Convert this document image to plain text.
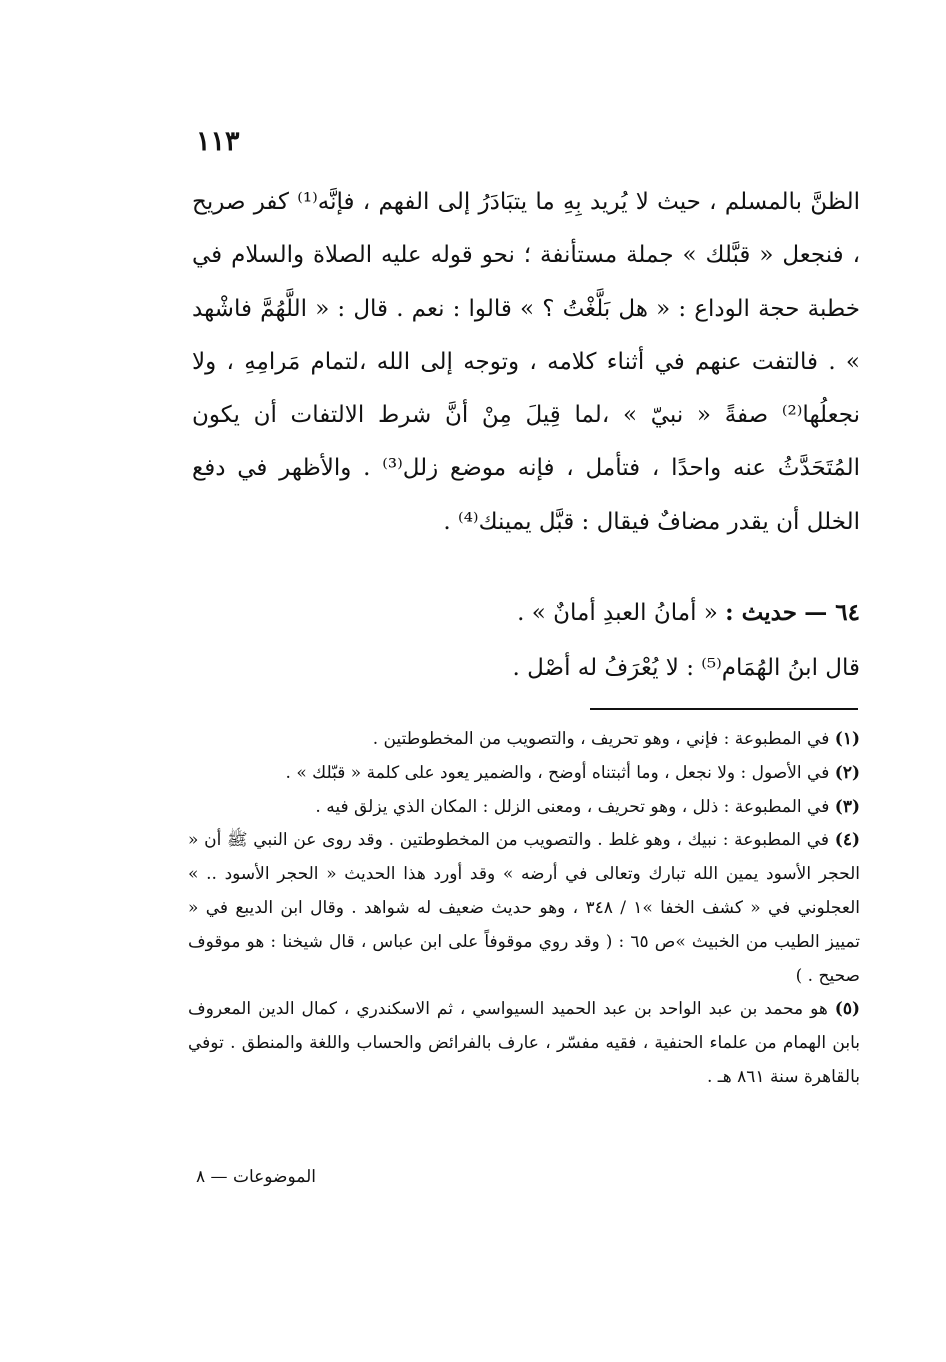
١١٣

الظنَّ بالمسلم ، حيث لا يُريد بِهِ ما يتبَادَرُ إلى الفهم ، فإنَّه⁽¹⁾ كفر صريح ، فنجعل « قبَّلك » جملة مستأنفة ؛ نحو قوله عليه الصلاة والسلام في خطبة حجة الوداع : « هل بَلَّغْتُ ؟ » قالوا : نعم . قال : « اللَّهُمَّ فاشْهد » . فالتفت عنهم في أثناء كلامه ، وتوجه إلى الله ،لتمام مَرامِهِ ، ولا نجعلُها⁽²⁾ صفةً « نبيّ » ،لما قِيلَ مِنْ أنَّ شرط الالتفات أن يكون المُتَحَدَّثُ عنه واحدًا ، فتأمل ، فإنه موضع زلل⁽³⁾ . والأظهر في دفع الخلل أن يقدر مضافٌ فيقال : قبَّل يمينك⁽⁴⁾ .

٦٤ — حديث : « أمانُ العبدِ أمانٌ » .

قال ابنُ الهُمَام⁽⁵⁾ : لا يُعْرَفُ له أصْل .

(١) في المطبوعة : فإني ، وهو تحريف ، والتصويب من المخطوطتين .

(٢) في الأصول : ولا نجعل ، وما أثبتناه أوضح ، والضمير يعود على كلمة « قبّلك » .

(٣) في المطبوعة : ذلل ، وهو تحريف ، ومعنى الزلل : المكان الذي يزلق فيه .

(٤) في المطبوعة : نبيك ، وهو غلط . والتصويب من المخطوطتين . وقد روى عن النبي ﷺ أن « الحجر الأسود يمين الله تبارك وتعالى في أرضه » وقد أورد هذا الحديث « الحجر الأسود .. » العجلوني في « كشف الخفا »١ / ٣٤٨ ، وهو حديث ضعيف له شواهد . وقال ابن الديبع في « تمييز الطيب من الخبيث »ص ٦٥ : ( وقد روي موقوفاً على ابن عباس ، قال شيخنا : هو موقوف صحيح . )

(٥) هو محمد بن عبد الواحد بن عبد الحميد السيواسي ، ثم الاسكندري ، كمال الدين المعروف بابن الهمام من علماء الحنفية ، فقيه مفسّر ، عارف بالفرائض والحساب واللغة والمنطق . توفي بالقاهرة سنة ٨٦١ هـ .

الموضوعات — ٨
